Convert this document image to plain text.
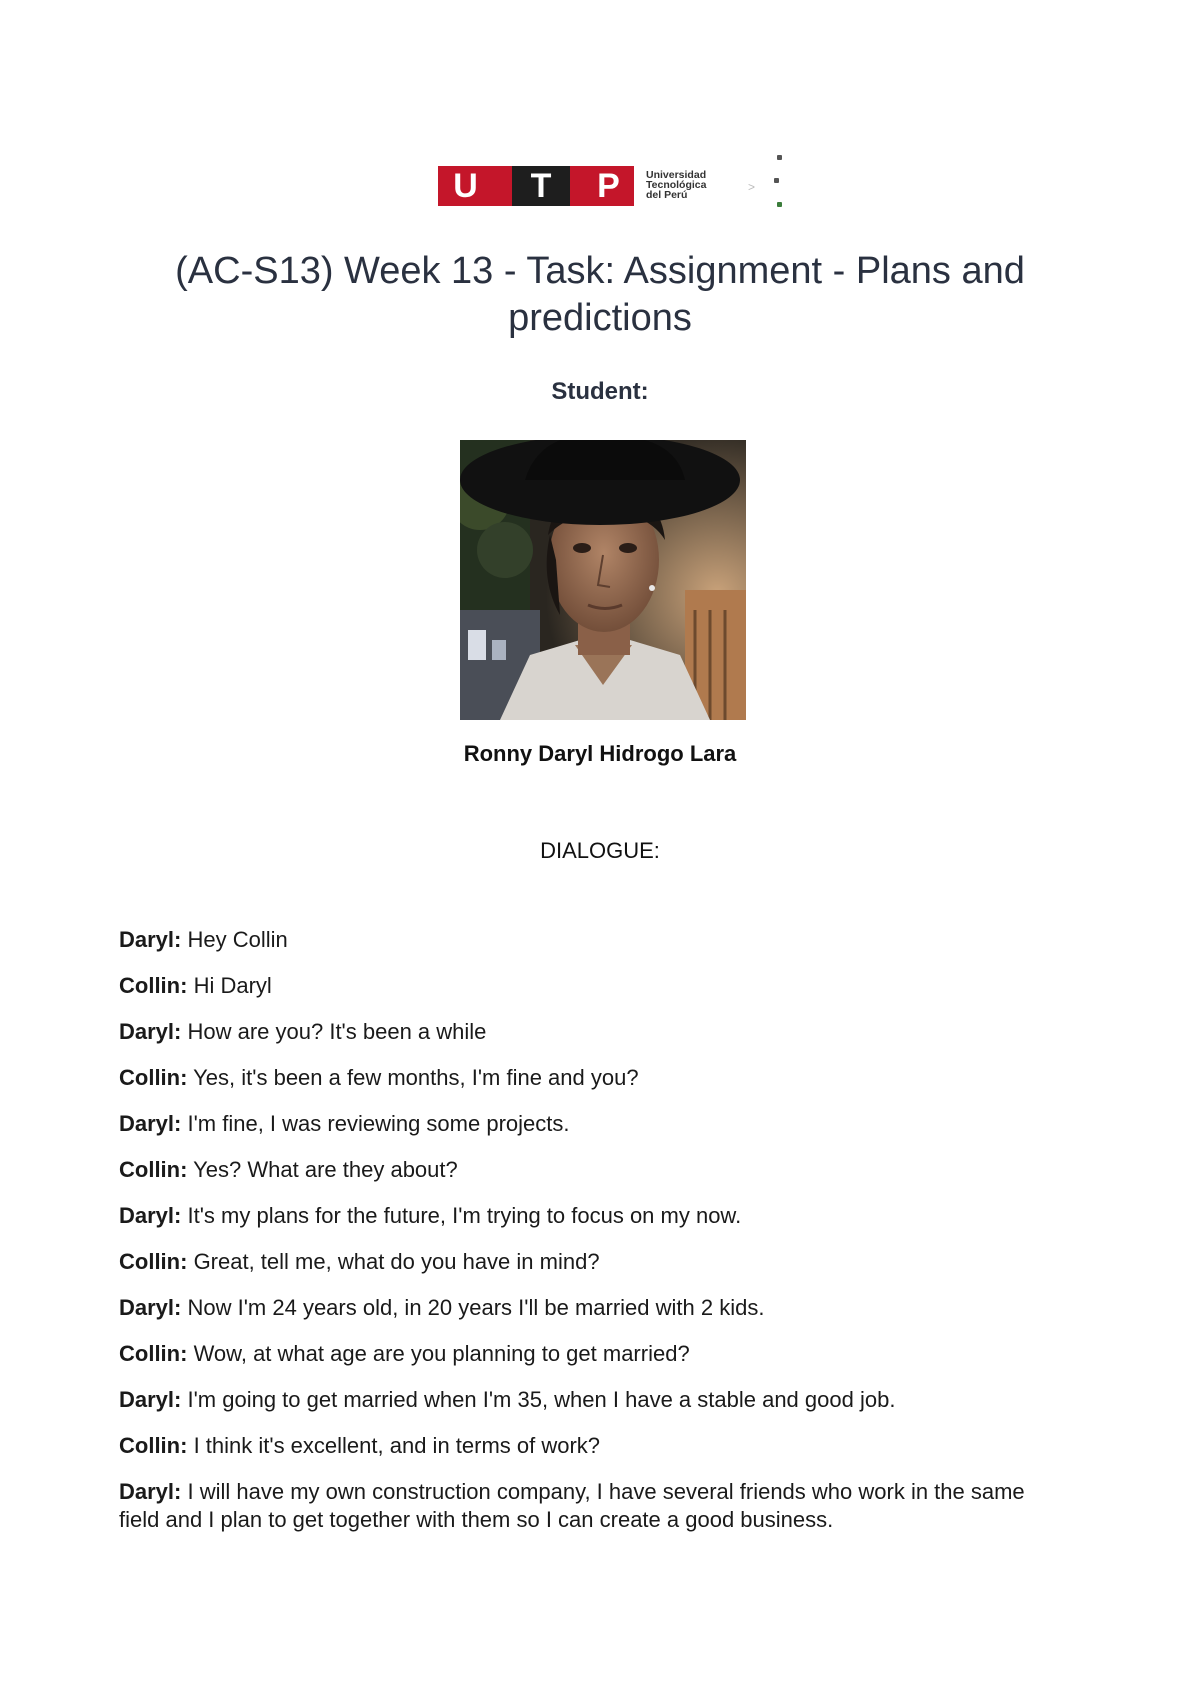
U	T	P	Universidad
Tecnológica
del Perú
>
(AC-S13) Week 13 - Task: Assignment - Plans and predictions
Student:
Ronny Daryl Hidrogo Lara
DIALOGUE:
Daryl: Hey Collin
Collin: Hi Daryl
Daryl: How are you? It's been a while
Collin: Yes, it's been a few months, I'm fine and you?
Daryl: I'm fine, I was reviewing some projects.
Collin: Yes? What are they about?
Daryl: It's my plans for the future, I'm trying to focus on my now.
Collin: Great, tell me, what do you have in mind?
Daryl: Now I'm 24 years old, in 20 years I'll be married with 2 kids.
Collin: Wow, at what age are you planning to get married?
Daryl: I'm going to get married when I'm 35, when I have a stable and good job.
Collin: I think it's excellent, and in terms of work?
Daryl: I will have my own construction company, I have several friends who work in the same field and I plan to get together with them so I can create a good business.
